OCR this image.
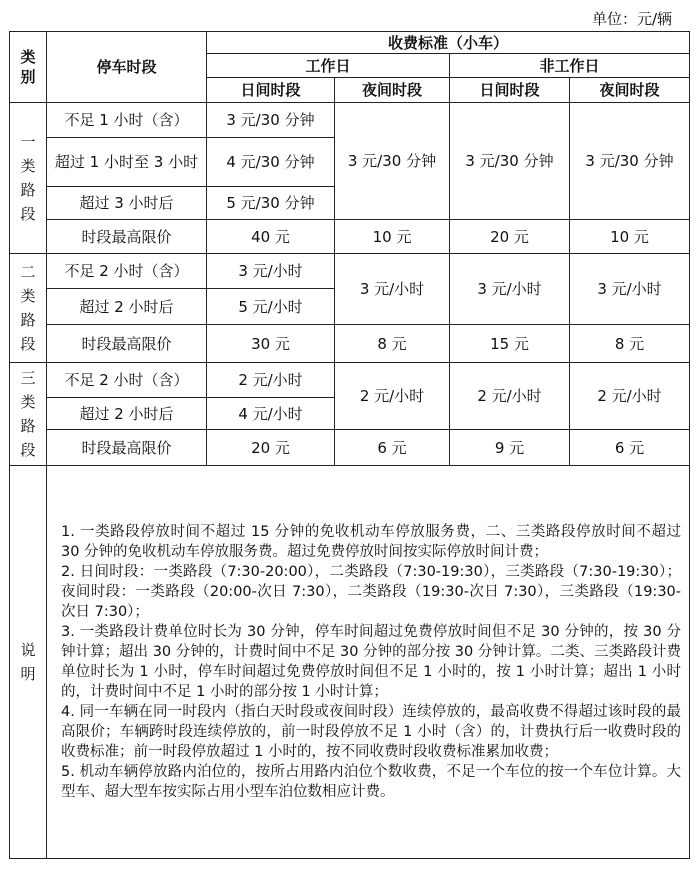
单位：元/辆
类别	停车时段	收费标准（小车）			
		工作日		非工作日	
		日间时段	夜间时段	日间时段	夜间时段
一类路段	不足 1 小时（含）	3 元/30 分钟	3 元/30 分钟	3 元/30 分钟	3 元/30 分钟
	超过 1 小时至 3 小时	4 元/30 分钟			
	超过 3 小时后	5 元/30 分钟			
	时段最高限价	40 元	10 元	20 元	10 元
二类路段	不足 2 小时（含）	3 元/小时	3 元/小时	3 元/小时	3 元/小时
	超过 2 小时后	5 元/小时			
	时段最高限价	30 元	8 元	15 元	8 元
三类路段	不足 2 小时（含）	2 元/小时	2 元/小时	2 元/小时	2 元/小时
	超过 2 小时后	4 元/小时			
	时段最高限价	20 元	6 元	9 元	6 元
说明	1. 一类路段停放时间不超过 15 分钟的免收机动车停放服务费，二、三类路段停放时间不超过 30 分钟的免收机动车停放服务费。超过免费停放时间按实际停放时间计费；

2. 日间时段：一类路段（7:30-20:00），二类路段（7:30-19:30），三类路段（7:30-19:30）；夜间时段：一类路段（20:00-次日 7:30），二类路段（19:30-次日 7:30），三类路段（19:30-次日 7:30）；

3. 一类路段计费单位时长为 30 分钟，停车时间超过免费停放时间但不足 30 分钟的，按 30 分钟计算；超出 30 分钟的，计费时间中不足 30 分钟的部分按 30 分钟计算。二类、三类路段计费单位时长为 1 小时，停车时间超过免费停放时间但不足 1 小时的，按 1 小时计算；超出 1 小时的，计费时间中不足 1 小时的部分按 1 小时计算；

4. 同一车辆在同一时段内（指白天时段或夜间时段）连续停放的，最高收费不得超过该时段的最高限价；车辆跨时段连续停放的，前一时段停放不足 1 小时（含）的，计费执行后一收费时段的收费标准；前一时段停放超过 1 小时的，按不同收费时段收费标准累加收费；

5. 机动车辆停放路内泊位的，按所占用路内泊位个数收费，不足一个车位的按一个车位计算。大型车、超大型车按实际占用小型车泊位数相应计费。				
